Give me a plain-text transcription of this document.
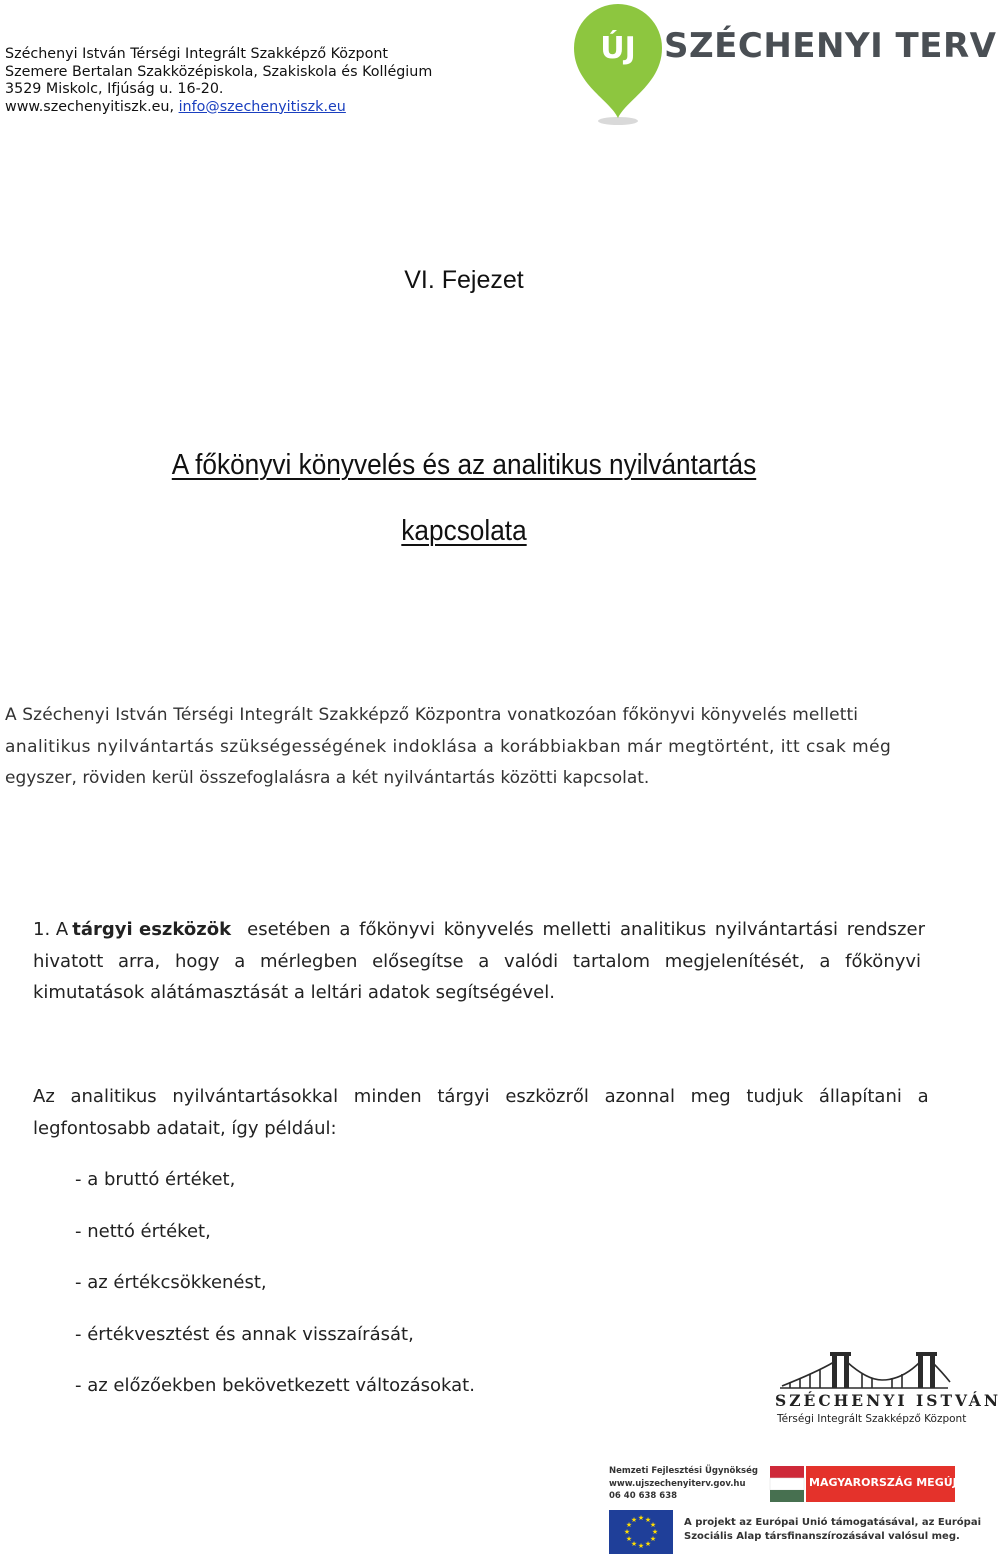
Széchenyi István Térségi Integrált Szakképző Központ
Szemere Bertalan Szakközépiskola, Szakiskola és Kollégium
3529 Miskolc, Ifjúság u. 16-20.
www.szechenyitiszk.eu, info@szechenyitiszk.eu
ÚJ SZÉCHENYI TERV
VI. Fejezet
A főkönyvi könyvelés és az analitikus nyilvántartás
kapcsolata
A Széchenyi István Térségi Integrált Szakképző Központra vonatkozóan főkönyvi könyvelés melletti
analitikus nyilvántartás szükségességének indoklása a korábbiakban már megtörtént, itt csak még
egyszer, röviden kerül összefoglalásra a két nyilvántartás közötti kapcsolat.
1. A tárgyi eszközök esetében a főkönyvi könyvelés melletti analitikus nyilvántartási rendszer
hivatott arra, hogy a mérlegben elősegítse a valódi tartalom megjelenítését, a főkönyvi
kimutatások alátámasztását a leltári adatok segítségével.
Az analitikus nyilvántartásokkal minden tárgyi eszközről azonnal meg tudjuk állapítani a
legfontosabb adatait, így például:
- a bruttó értéket,
- nettó értéket,
- az értékcsökkenést,
- értékvesztést és annak visszaírását,
- az előzőekben bekövetkezett változásokat.
SZÉCHENYI ISTVÁN
Térségi Integrált Szakképző Központ
Nemzeti Fejlesztési Ügynökség
www.ujszechenyiterv.gov.hu
06 40 638 638
MAGYARORSZÁG MEGÚJUL
★ ★
★
★
★
★
★
★
★
★
★
★	A projekt az Európai Unió támogatásával, az Európai
Szociális Alap társfinanszírozásával valósul meg.
